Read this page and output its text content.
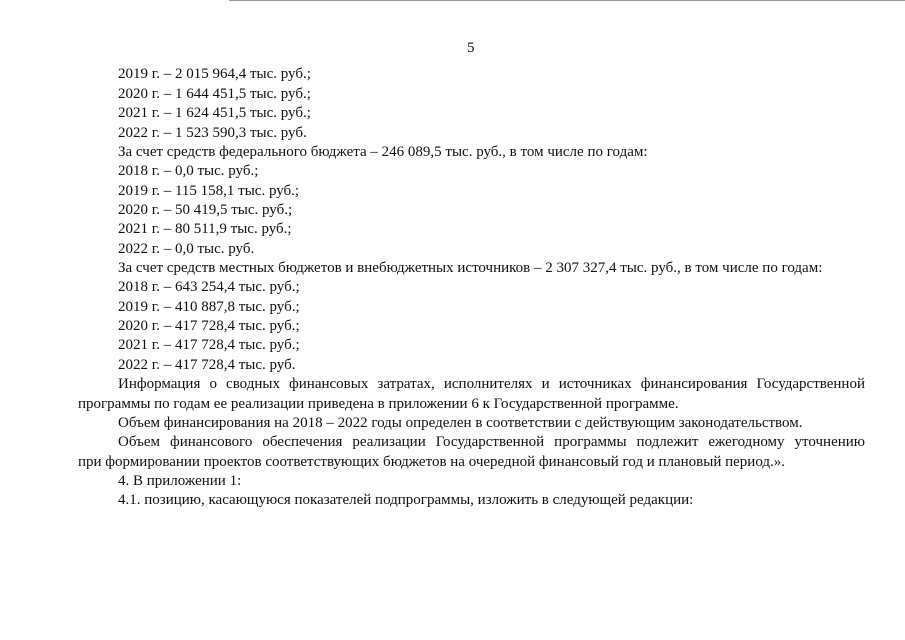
5
2019 г. – 2 015 964,4 тыс. руб.;
2020 г. – 1 644 451,5 тыс. руб.;
2021 г. – 1 624 451,5 тыс. руб.;
2022 г. – 1 523 590,3 тыс. руб.
За счет средств федерального бюджета – 246 089,5 тыс. руб., в том числе по годам:
2018 г. – 0,0 тыс. руб.;
2019 г. – 115 158,1 тыс. руб.;
2020 г. – 50 419,5 тыс. руб.;
2021 г. – 80 511,9 тыс. руб.;
2022 г. – 0,0 тыс. руб.
За счет средств местных бюджетов и внебюджетных источников – 2 307 327,4 тыс. руб., в том числе по годам:
2018 г. – 643 254,4 тыс. руб.;
2019 г. – 410 887,8 тыс. руб.;
2020 г. – 417 728,4 тыс. руб.;
2021 г. – 417 728,4 тыс. руб.;
2022 г. – 417 728,4 тыс. руб.
Информация о сводных финансовых затратах, исполнителях и источниках финансирования Государственной
программы по годам ее реализации приведена в приложении 6 к Государственной программе.
Объем финансирования на 2018 – 2022 годы определен в соответствии с действующим законодательством.
Объем финансового обеспечения реализации Государственной программы подлежит ежегодному уточнению
при формировании проектов соответствующих бюджетов на очередной финансовый год и плановый период.».
4. В приложении 1:
4.1. позицию, касающуюся показателей подпрограммы, изложить в следующей редакции:
